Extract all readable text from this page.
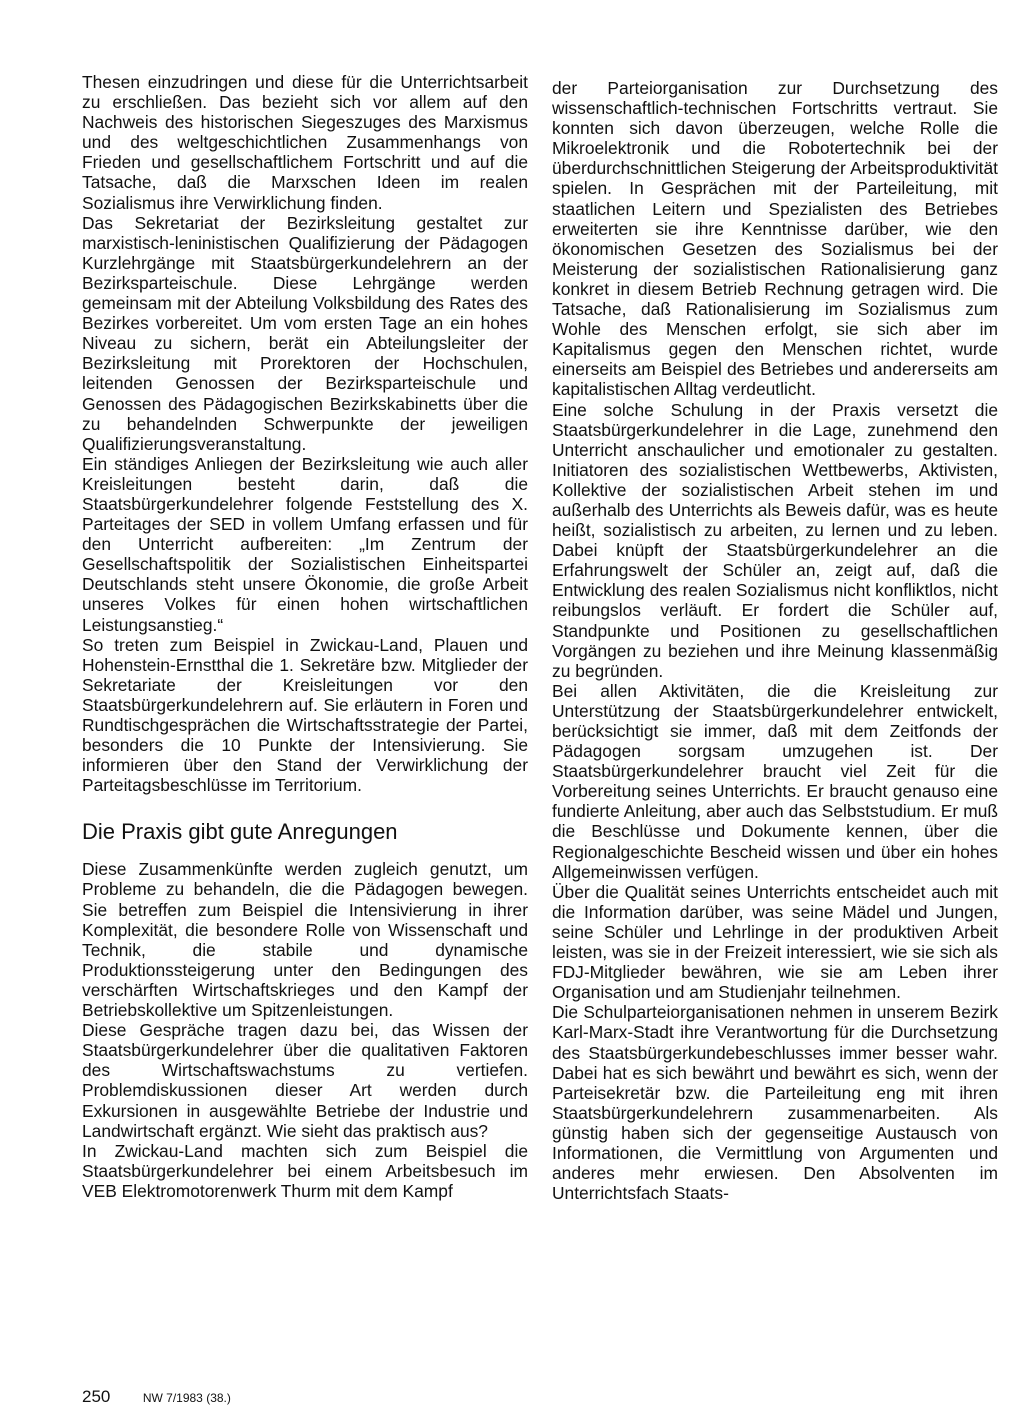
Thesen einzudringen und diese für die Unterrichtsarbeit zu erschließen. Das bezieht sich vor allem auf den Nachweis des historischen Siegeszuges des Marxismus und des weltgeschichtlichen Zusammenhangs von Frieden und gesellschaftlichem Fortschritt und auf die Tatsache, daß die Marxschen Ideen im realen Sozialismus ihre Verwirklichung finden.

Das Sekretariat der Bezirksleitung gestaltet zur marxistisch-leninistischen Qualifizierung der Pädagogen Kurzlehrgänge mit Staatsbürgerkundelehrern an der Bezirksparteischule. Diese Lehrgänge werden gemeinsam mit der Abteilung Volksbildung des Rates des Bezirkes vorbereitet. Um vom ersten Tage an ein hohes Niveau zu sichern, berät ein Abteilungsleiter der Bezirksleitung mit Prorektoren der Hochschulen, leitenden Genossen der Bezirksparteischule und Genossen des Pädagogischen Bezirkskabinetts über die zu behandelnden Schwerpunkte der jeweiligen Qualifizierungsveranstaltung.

Ein ständiges Anliegen der Bezirksleitung wie auch aller Kreisleitungen besteht darin, daß die Staatsbürgerkundelehrer folgende Feststellung des X. Parteitages der SED in vollem Umfang erfassen und für den Unterricht aufbereiten: „Im Zentrum der Gesellschaftspolitik der Sozialistischen Einheitspartei Deutschlands steht unsere Ökonomie, die große Arbeit unseres Volkes für einen hohen wirtschaftlichen Leistungsanstieg.“

So treten zum Beispiel in Zwickau-Land, Plauen und Hohenstein-Ernstthal die 1. Sekretäre bzw. Mitglieder der Sekretariate der Kreisleitungen vor den Staatsbürgerkundelehrern auf. Sie erläutern in Foren und Rundtischgesprächen die Wirtschaftsstrategie der Partei, besonders die 10 Punkte der Intensivierung. Sie informieren über den Stand der Verwirklichung der Parteitagsbeschlüsse im Territorium.

Die Praxis gibt gute Anregungen

Diese Zusammenkünfte werden zugleich genutzt, um Probleme zu behandeln, die die Pädagogen bewegen. Sie betreffen zum Beispiel die Intensivierung in ihrer Komplexität, die besondere Rolle von Wissenschaft und Technik, die stabile und dynamische Produktionssteigerung unter den Bedingungen des verschärften Wirtschaftskrieges und den Kampf der Betriebskollektive um Spitzenleistungen.

Diese Gespräche tragen dazu bei, das Wissen der Staatsbürgerkundelehrer über die qualitativen Faktoren des Wirtschaftswachstums zu vertiefen. Problemdiskussionen dieser Art werden durch Exkursionen in ausgewählte Betriebe der Industrie und Landwirtschaft ergänzt. Wie sieht das praktisch aus?

In Zwickau-Land machten sich zum Beispiel die Staatsbürgerkundelehrer bei einem Arbeitsbesuch im VEB Elektromotorenwerk Thurm mit dem Kampf

der Parteiorganisation zur Durchsetzung des wissenschaftlich-technischen Fortschritts vertraut. Sie konnten sich davon überzeugen, welche Rolle die Mikroelektronik und die Robotertechnik bei der überdurchschnittlichen Steigerung der Arbeitsproduktivität spielen. In Gesprächen mit der Parteileitung, mit staatlichen Leitern und Spezialisten des Betriebes erweiterten sie ihre Kenntnisse darüber, wie den ökonomischen Gesetzen des Sozialismus bei der Meisterung der sozialistischen Rationalisierung ganz konkret in diesem Betrieb Rechnung getragen wird. Die Tatsache, daß Rationalisierung im Sozialismus zum Wohle des Menschen erfolgt, sie sich aber im Kapitalismus gegen den Menschen richtet, wurde einerseits am Beispiel des Betriebes und andererseits am kapitalistischen Alltag verdeutlicht.

Eine solche Schulung in der Praxis versetzt die Staatsbürgerkundelehrer in die Lage, zunehmend den Unterricht anschaulicher und emotionaler zu gestalten. Initiatoren des sozialistischen Wettbewerbs, Aktivisten, Kollektive der sozialistischen Arbeit stehen im und außerhalb des Unterrichts als Beweis dafür, was es heute heißt, sozialistisch zu arbeiten, zu lernen und zu leben. Dabei knüpft der Staatsbürgerkundelehrer an die Erfahrungswelt der Schüler an, zeigt auf, daß die Entwicklung des realen Sozialismus nicht konfliktlos, nicht reibungslos verläuft. Er fordert die Schüler auf, Standpunkte und Positionen zu gesellschaftlichen Vorgängen zu beziehen und ihre Meinung klassenmäßig zu begründen.

Bei allen Aktivitäten, die die Kreisleitung zur Unterstützung der Staatsbürgerkundelehrer entwickelt, berücksichtigt sie immer, daß mit dem Zeitfonds der Pädagogen sorgsam umzugehen ist. Der Staatsbürgerkundelehrer braucht viel Zeit für die Vorbereitung seines Unterrichts. Er braucht genauso eine fundierte Anleitung, aber auch das Selbststudium. Er muß die Beschlüsse und Dokumente kennen, über die Regionalgeschichte Bescheid wissen und über ein hohes Allgemeinwissen verfügen.

Über die Qualität seines Unterrichts entscheidet auch mit die Information darüber, was seine Mädel und Jungen, seine Schüler und Lehrlinge in der produktiven Arbeit leisten, was sie in der Freizeit interessiert, wie sie sich als FDJ-Mitglieder bewähren, wie sie am Leben ihrer Organisation und am Studienjahr teilnehmen.

Die Schulparteiorganisationen nehmen in unserem Bezirk Karl-Marx-Stadt ihre Verantwortung für die Durchsetzung des Staatsbürgerkundebeschlusses immer besser wahr. Dabei hat es sich bewährt und bewährt es sich, wenn der Parteisekretär bzw. die Parteileitung eng mit ihren Staatsbürgerkundelehrern zusammenarbeiten. Als günstig haben sich der gegenseitige Austausch von Informationen, die Vermittlung von Argumenten und anderes mehr erwiesen. Den Absolventen im Unterrichtsfach Staats-

250	NW 7/1983 (38.)
